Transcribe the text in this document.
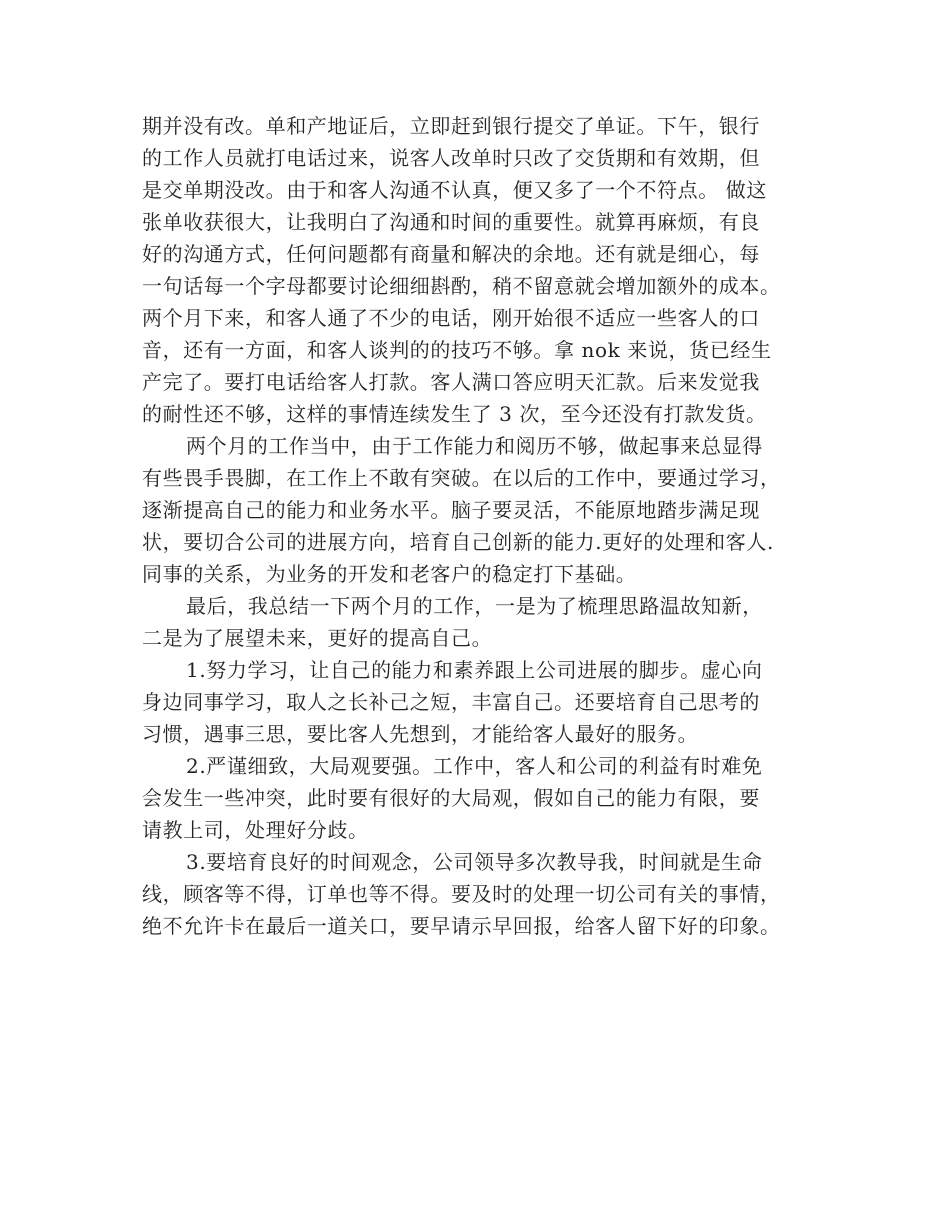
期并没有改。单和产地证后，立即赶到银行提交了单证。下午，银行
的工作人员就打电话过来，说客人改单时只改了交货期和有效期，但
是交单期没改。由于和客人沟通不认真，便又多了一个不符点。 做这
张单收获很大，让我明白了沟通和时间的重要性。就算再麻烦，有良
好的沟通方式，任何问题都有商量和解决的余地。还有就是细心，每
一句话每一个字母都要讨论细细斟酌，稍不留意就会增加额外的成本。
两个月下来，和客人通了不少的电话，刚开始很不适应一些客人的口
音，还有一方面，和客人谈判的的技巧不够。拿 nok 来说，货已经生
产完了。要打电话给客人打款。客人满口答应明天汇款。后来发觉我
的耐性还不够，这样的事情连续发生了 3 次，至今还没有打款发货。
两个月的工作当中，由于工作能力和阅历不够，做起事来总显得
有些畏手畏脚，在工作上不敢有突破。在以后的工作中，要通过学习，
逐渐提高自己的能力和业务水平。脑子要灵活，不能原地踏步满足现
状，要切合公司的进展方向，培育自己创新的能力.更好的处理和客人.
同事的关系，为业务的开发和老客户的稳定打下基础。
最后，我总结一下两个月的工作，一是为了梳理思路温故知新，
二是为了展望未来，更好的提高自己。
1.努力学习，让自己的能力和素养跟上公司进展的脚步。虚心向
身边同事学习，取人之长补己之短，丰富自己。还要培育自己思考的
习惯，遇事三思，要比客人先想到，才能给客人最好的服务。
2.严谨细致，大局观要强。工作中，客人和公司的利益有时难免
会发生一些冲突，此时要有很好的大局观，假如自己的能力有限，要
请教上司，处理好分歧。
3.要培育良好的时间观念，公司领导多次教导我，时间就是生命
线，顾客等不得，订单也等不得。要及时的处理一切公司有关的事情，
绝不允许卡在最后一道关口，要早请示早回报，给客人留下好的印象。
